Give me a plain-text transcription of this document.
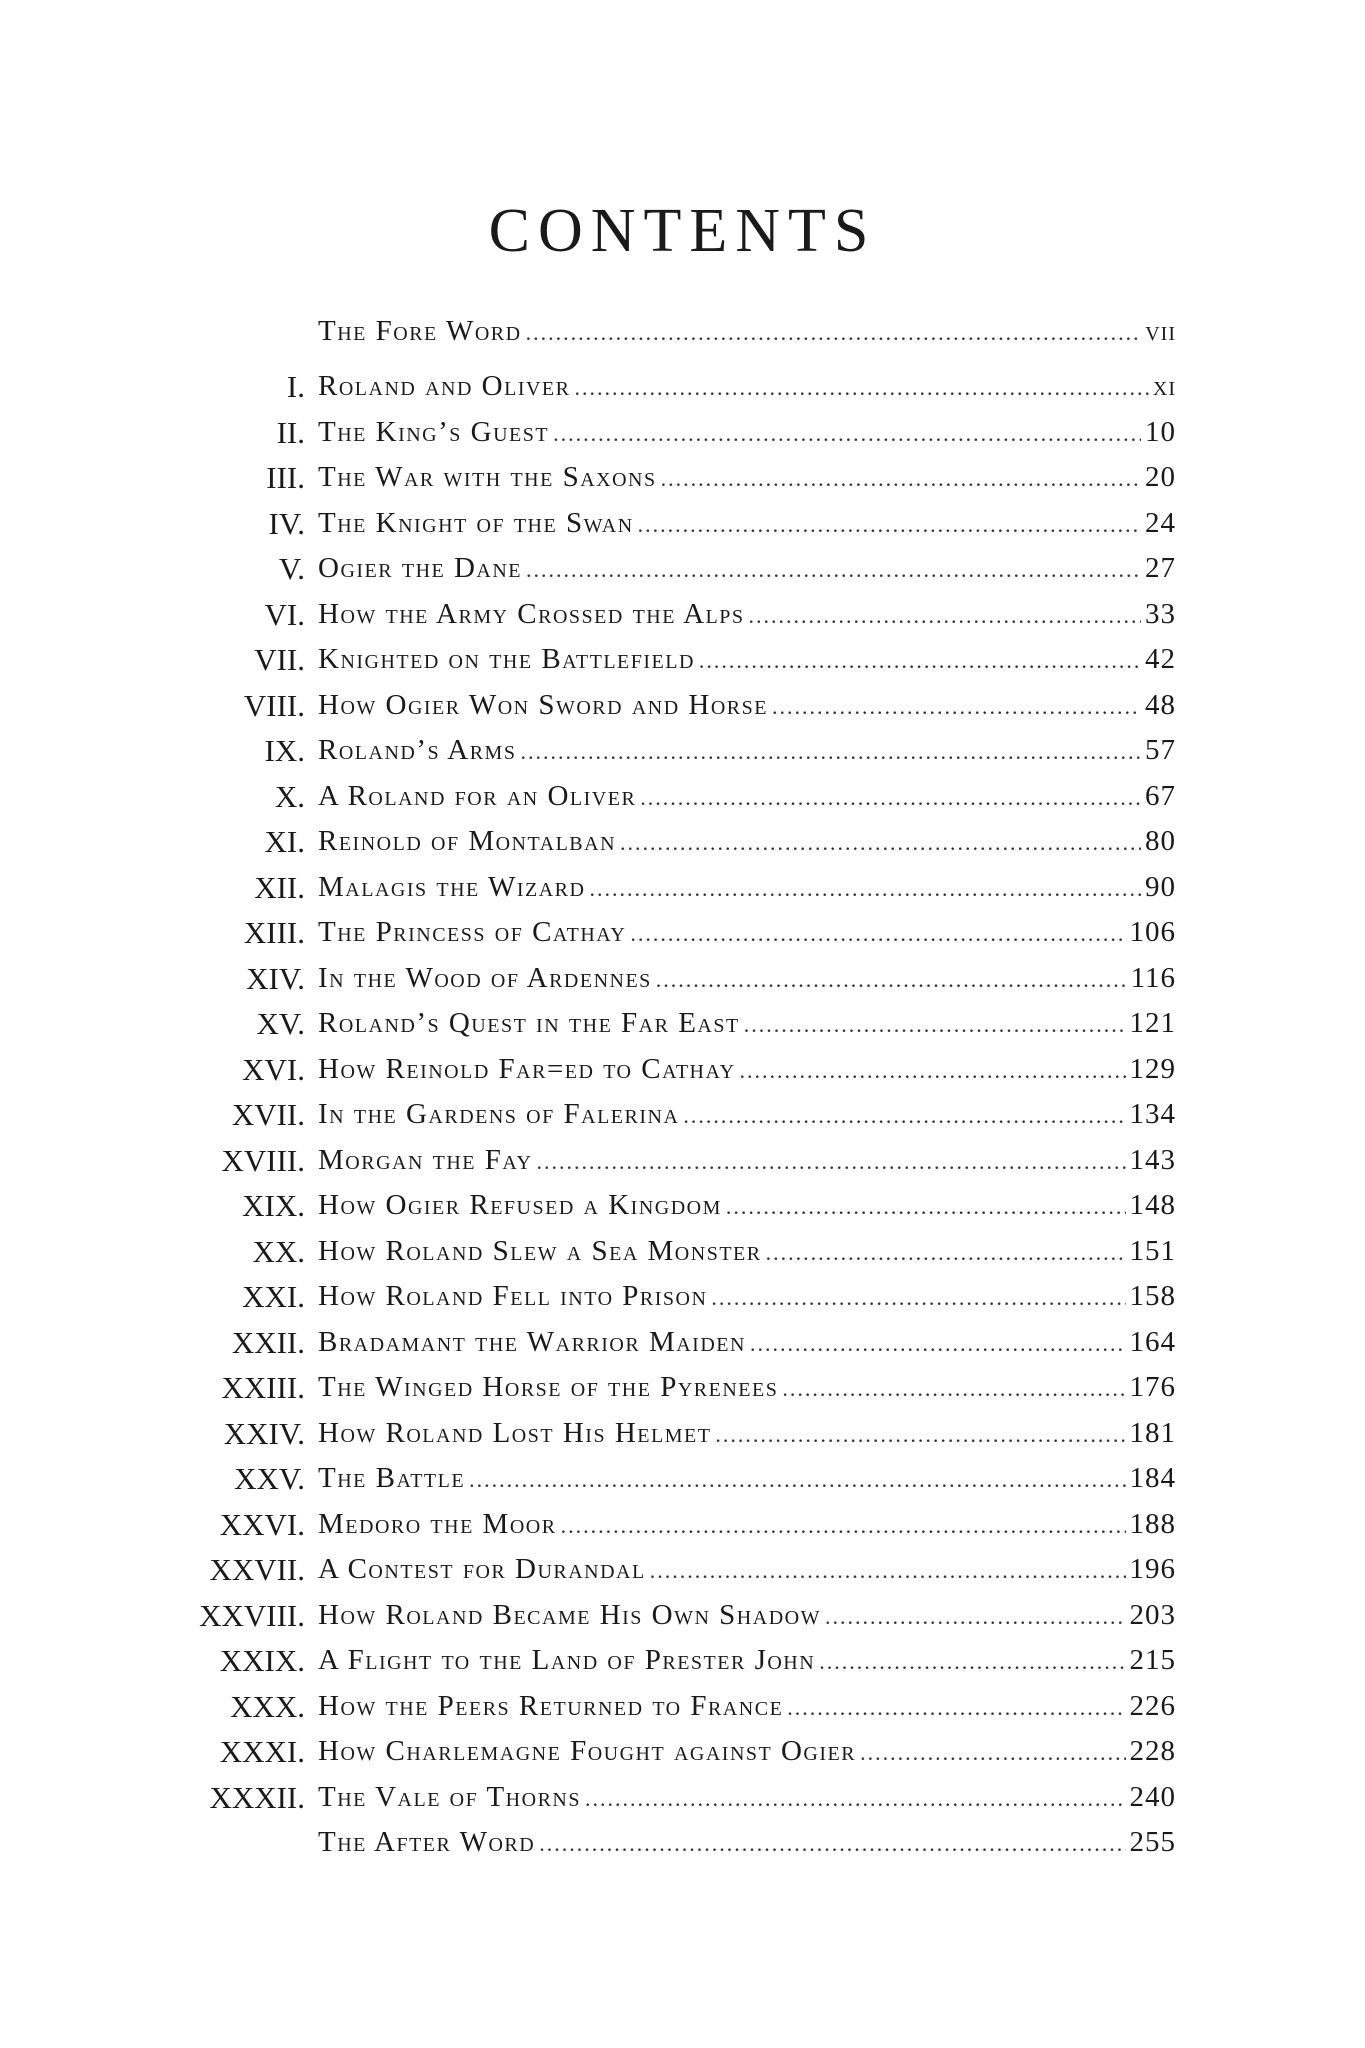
CONTENTS
The Fore Word .....	vii
I. Roland and Oliver .....	xi
II. The King’s Guest .....	10
III. The War with the Saxons .....	20
IV. The Knight of the Swan .....	24
V. Ogier the Dane .....	27
VI. How the Army Crossed the Alps .....	33
VII. Knighted on the Battlefield .....	42
VIII. How Ogier Won Sword and Horse .....	48
IX. Roland’s Arms .....	57
X. A Roland for an Oliver .....	67
XI. Reinold of Montalban .....	80
XII. Malagis the Wizard .....	90
XIII. The Princess of Cathay .....	106
XIV. In the Wood of Ardennes .....	116
XV. Roland’s Quest in the Far East .....	121
XVI. How Reinold Far=ed to Cathay .....	129
XVII. In the Gardens of Falerina .....	134
XVIII. Morgan the Fay .....	143
XIX. How Ogier Refused a Kingdom .....	148
XX. How Roland Slew a Sea Monster .....	151
XXI. How Roland Fell into Prison .....	158
XXII. Bradamant the Warrior Maiden .....	164
XXIII. The Winged Horse of the Pyrenees .....	176
XXIV. How Roland Lost His Helmet .....	181
XXV. The Battle .....	184
XXVI. Medoro the Moor .....	188
XXVII. A Contest for Durandal .....	196
XXVIII. How Roland Became His Own Shadow .....	203
XXIX. A Flight to the Land of Prester John .....	215
XXX. How the Peers Returned to France .....	226
XXXI. How Charlemagne Fought against Ogier .....	228
XXXII. The Vale of Thorns .....	240
The After Word .....	255
